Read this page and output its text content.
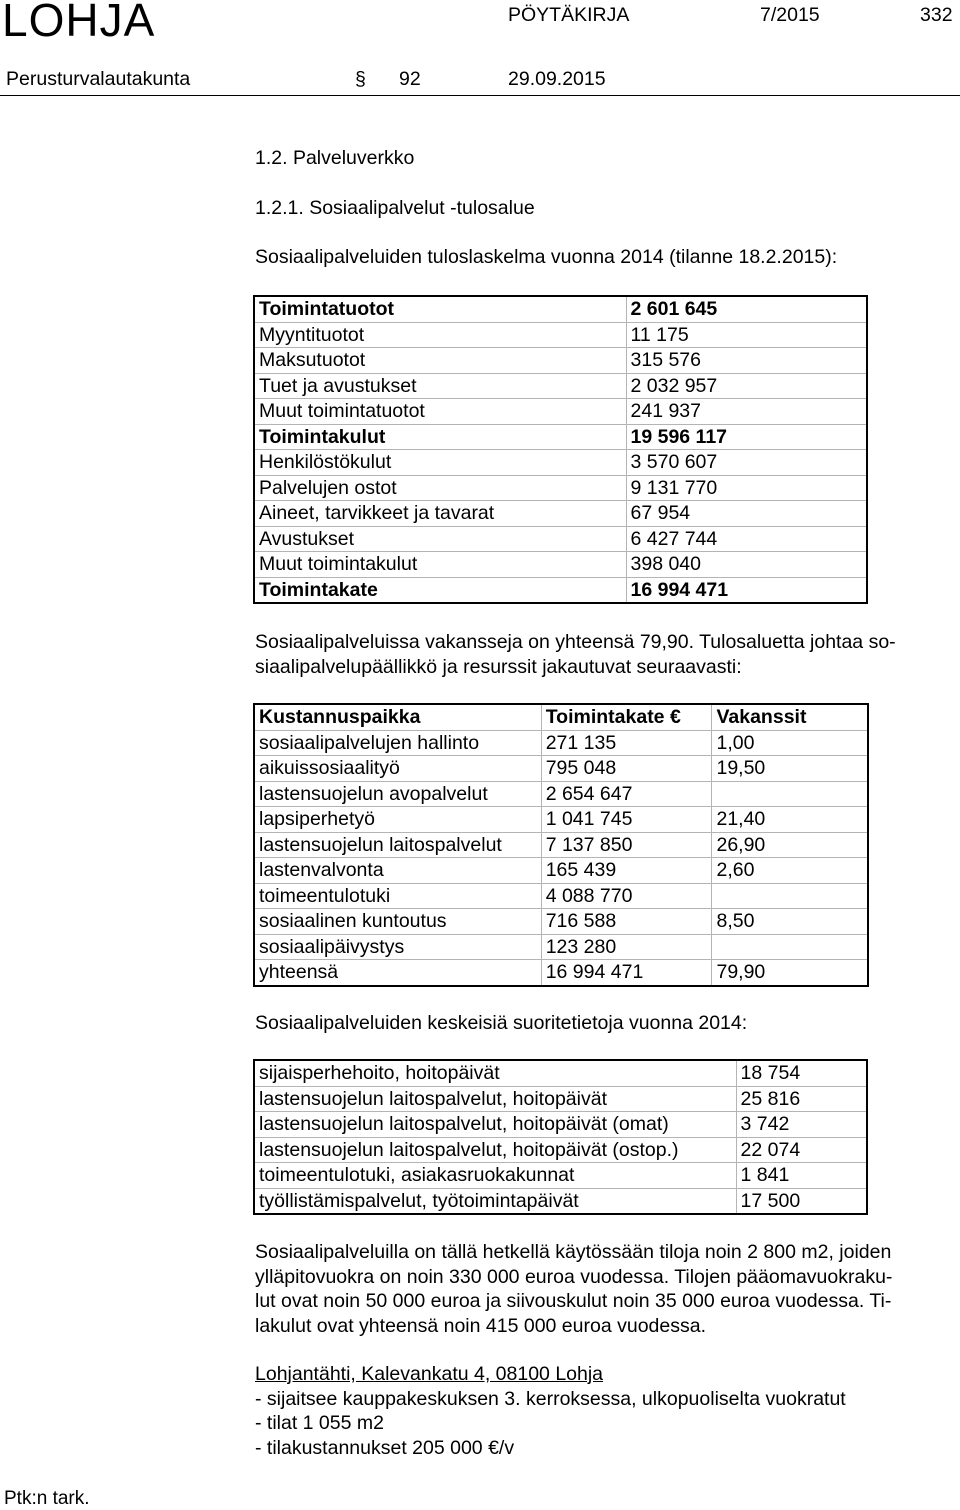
LOHJA	PÖYTÄKIRJA	7/2015	332
Perusturvalautakunta	§ 92	29.09.2015
1.2. Palveluverkko
1.2.1. Sosiaalipalvelut -tulosalue
Sosiaalipalveluiden tuloslaskelma vuonna 2014 (tilanne 18.2.2015):
Toimintatuotot	2 601 645
Myyntituotot	11 175
Maksutuotot	315 576
Tuet ja avustukset	2 032 957
Muut toimintatuotot	241 937
Toimintakulut	19 596 117
Henkilöstökulut	3 570 607
Palvelujen ostot	9 131 770
Aineet, tarvikkeet ja tavarat	67 954
Avustukset	6 427 744
Muut toimintakulut	398 040
Toimintakate	16 994 471
Sosiaalipalveluissa vakansseja on yhteensä 79,90. Tulosaluetta johtaa so-
siaalipalvelupäällikkö ja resurssit jakautuvat seuraavasti:
Kustannuspaikka	Toimintakate €	Vakanssit
sosiaalipalvelujen hallinto	271 135	1,00
aikuissosiaalityö	795 048	19,50
lastensuojelun avopalvelut	2 654 647	
lapsiperhetyö	1 041 745	21,40
lastensuojelun laitospalvelut	7 137 850	26,90
lastenvalvonta	165 439	2,60
toimeentulotuki	4 088 770	
sosiaalinen kuntoutus	716 588	8,50
sosiaalipäivystys	123 280	
yhteensä	16 994 471	79,90
Sosiaalipalveluiden keskeisiä suoritetietoja vuonna 2014:
sijaisperhehoito, hoitopäivät	18 754
lastensuojelun laitospalvelut, hoitopäivät	25 816
lastensuojelun laitospalvelut, hoitopäivät (omat)	3 742
lastensuojelun laitospalvelut, hoitopäivät (ostop.)	22 074
toimeentulotuki, asiakasruokakunnat	1 841
työllistämispalvelut, työtoimintapäivät	17 500
Sosiaalipalveluilla on tällä hetkellä käytössään tiloja noin 2 800 m2, joiden
ylläpitovuokra on noin 330 000 euroa vuodessa. Tilojen pääomavuokraku-
lut ovat noin 50 000 euroa ja siivouskulut noin 35 000 euroa vuodessa. Ti-
lakulut ovat yhteensä noin 415 000 euroa vuodessa.
Lohjantähti, Kalevankatu 4, 08100 Lohja
- sijaitsee kauppakeskuksen 3. kerroksessa, ulkopuoliselta vuokratut
- tilat 1 055 m2
- tilakustannukset 205 000 €/v
Ptk:n tark.
